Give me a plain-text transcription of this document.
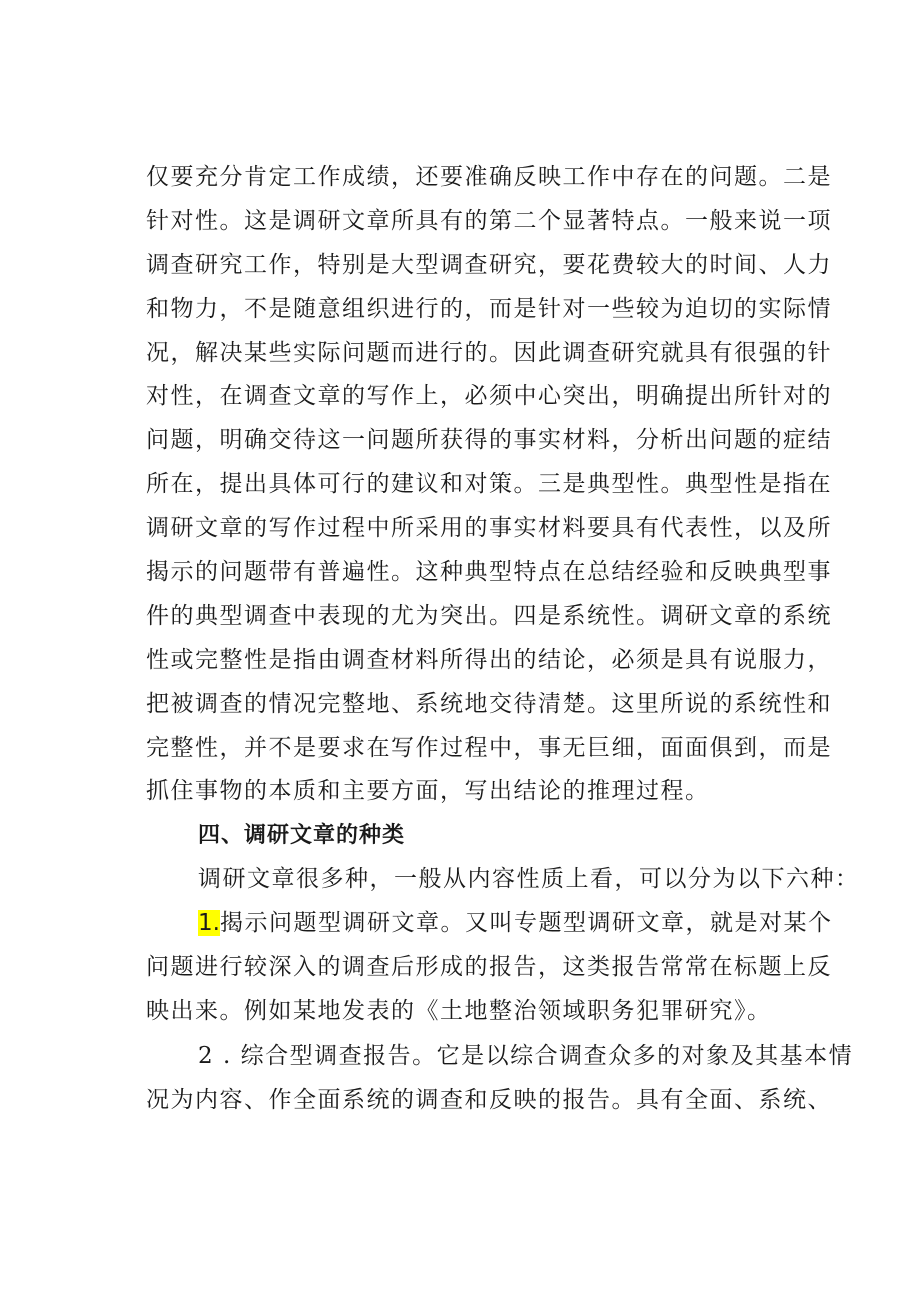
仅要充分肯定工作成绩，还要准确反映工作中存在的问题。二是
针对性。这是调研文章所具有的第二个显著特点。一般来说一项
调查研究工作，特别是大型调查研究，要花费较大的时间、人力
和物力，不是随意组织进行的，而是针对一些较为迫切的实际情
况，解决某些实际问题而进行的。因此调查研究就具有很强的针
对性，在调查文章的写作上，必须中心突出，明确提出所针对的
问题，明确交待这一问题所获得的事实材料，分析出问题的症结
所在，提出具体可行的建议和对策。三是典型性。典型性是指在
调研文章的写作过程中所采用的事实材料要具有代表性，以及所
揭示的问题带有普遍性。这种典型特点在总结经验和反映典型事
件的典型调查中表现的尤为突出。四是系统性。调研文章的系统
性或完整性是指由调查材料所得出的结论，必须是具有说服力，
把被调查的情况完整地、系统地交待清楚。这里所说的系统性和
完整性，并不是要求在写作过程中，事无巨细，面面俱到，而是
抓住事物的本质和主要方面，写出结论的推理过程。
四、调研文章的种类
调研文章很多种，一般从内容性质上看，可以分为以下六种：
1.揭示问题型调研文章。又叫专题型调研文章，就是对某个
问题进行较深入的调查后形成的报告，这类报告常常在标题上反
映出来。例如某地发表的《土地整治领域职务犯罪研究》。
2 . 综合型调查报告。它是以综合调查众多的对象及其基本情
况为内容、作全面系统的调查和反映的报告。具有全面、系统、
